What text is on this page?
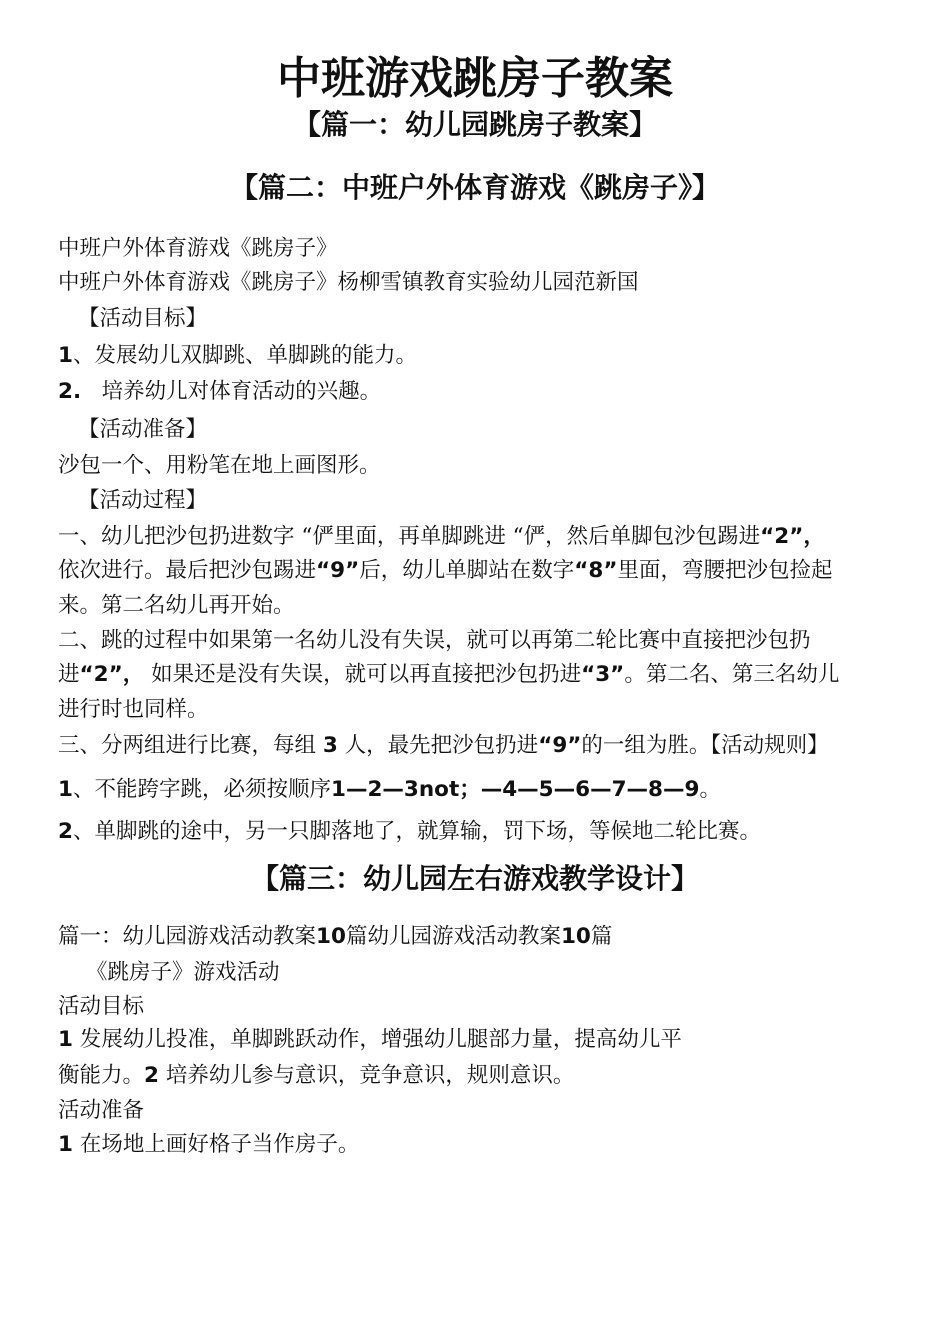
中班游戏跳房子教案
【篇一：幼儿园跳房子教案】
【篇二：中班户外体育游戏《跳房子》】

中班户外体育游戏《跳房子》

中班户外体育游戏《跳房子》杨柳雪镇教育实验幼儿园范新国

【活动目标】

1、发展幼儿双脚跳、单脚跳的能力。

2. 培养幼儿对体育活动的兴趣。

【活动准备】

沙包一个、用粉笔在地上画图形。

【活动过程】

一、幼儿把沙包扔进数字 “俨里面，再单脚跳进 “俨，然后单脚包沙包踢进“2”，

依次进行。最后把沙包踢进“9”后，幼儿单脚站在数字“8”里面，弯腰把沙包捡起

来。第二名幼儿再开始。

二、跳的过程中如果第一名幼儿没有失误，就可以再第二轮比赛中直接把沙包扔

进“2”， 如果还是没有失误，就可以再直接把沙包扔进“3”。第二名、第三名幼儿

进行时也同样。

三、分两组进行比赛，每组 3 人，最先把沙包扔进“9”的一组为胜。【活动规则】

1、不能跨字跳，必须按顺序1—2—3not；—4—5—6—7—8—9。

2、单脚跳的途中，另一只脚落地了，就算输，罚下场，等候地二轮比赛。

【篇三：幼儿园左右游戏教学设计】

篇一：幼儿园游戏活动教案10篇幼儿园游戏活动教案10篇

《跳房子》游戏活动

活动目标

1 发展幼儿投准，单脚跳跃动作，增强幼儿腿部力量，提高幼儿平

衡能力。2 培养幼儿参与意识，竞争意识，规则意识。

活动准备

1 在场地上画好格子当作房子。
